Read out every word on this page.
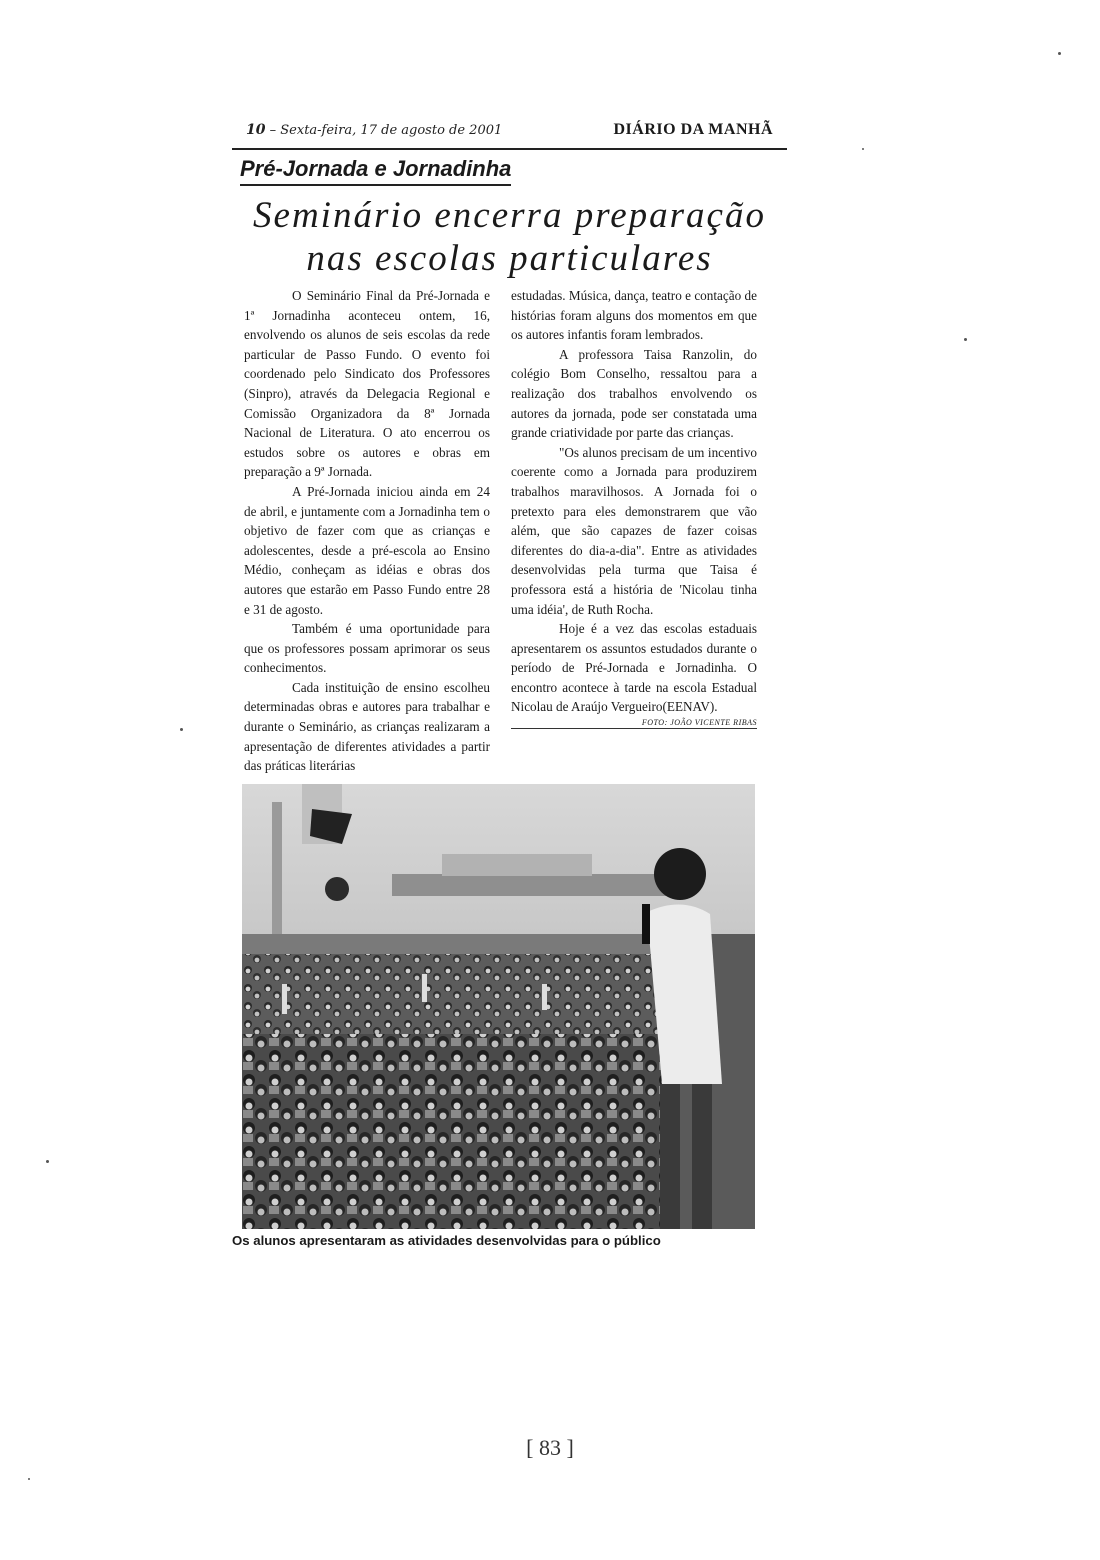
10 – Sexta-feira, 17 de agosto de 2001	DIÁRIO DA MANHÃ
Pré-Jornada e Jornadinha
Seminário encerra preparação
nas escolas particulares

O Seminário Final da Pré-Jornada e 1ª Jornadinha aconteceu ontem, 16, envolvendo os alunos de seis escolas da rede particular de Passo Fundo. O evento foi coordenado pelo Sindicato dos Professores (Sinpro), através da Delegacia Regional e Comissão Organizadora da 8ª Jornada Nacional de Literatura. O ato encerrou os estudos sobre os autores e obras em preparação a 9ª Jornada.

A Pré-Jornada iniciou ainda em 24 de abril, e juntamente com a Jornadinha tem o objetivo de fazer com que as crianças e adolescentes, desde a pré-escola ao Ensino Médio, conheçam as idéias e obras dos autores que estarão em Passo Fundo entre 28 e 31 de agosto.

Também é uma oportunidade para que os professores possam aprimorar os seus conhecimentos.

Cada instituição de ensino escolheu determinadas obras e autores para trabalhar e durante o Seminário, as crianças realizaram a apresentação de diferentes atividades a partir das práticas literárias

estudadas. Música, dança, teatro e contação de histórias foram alguns dos momentos em que os autores infantis foram lembrados.

A professora Taisa Ranzolin, do colégio Bom Conselho, ressaltou para a realização dos trabalhos envolvendo os autores da jornada, pode ser constatada uma grande criatividade por parte das crianças.

"Os alunos precisam de um incentivo coerente como a Jornada para produzirem trabalhos maravilhosos. A Jornada foi o pretexto para eles demonstrarem que vão além, que são capazes de fazer coisas diferentes do dia-a-dia". Entre as atividades desenvolvidas pela turma que Taisa é professora está a história de 'Nicolau tinha uma idéia', de Ruth Rocha.

Hoje é a vez das escolas estaduais apresentarem os assuntos estudados durante o período de Pré-Jornada e Jornadinha. O encontro acontece à tarde na escola Estadual Nicolau de Araújo Vergueiro(EENAV).

FOTO: JOÃO VICENTE RIBAS
Os alunos apresentaram as atividades desenvolvidas para o público
[ 83 ]
